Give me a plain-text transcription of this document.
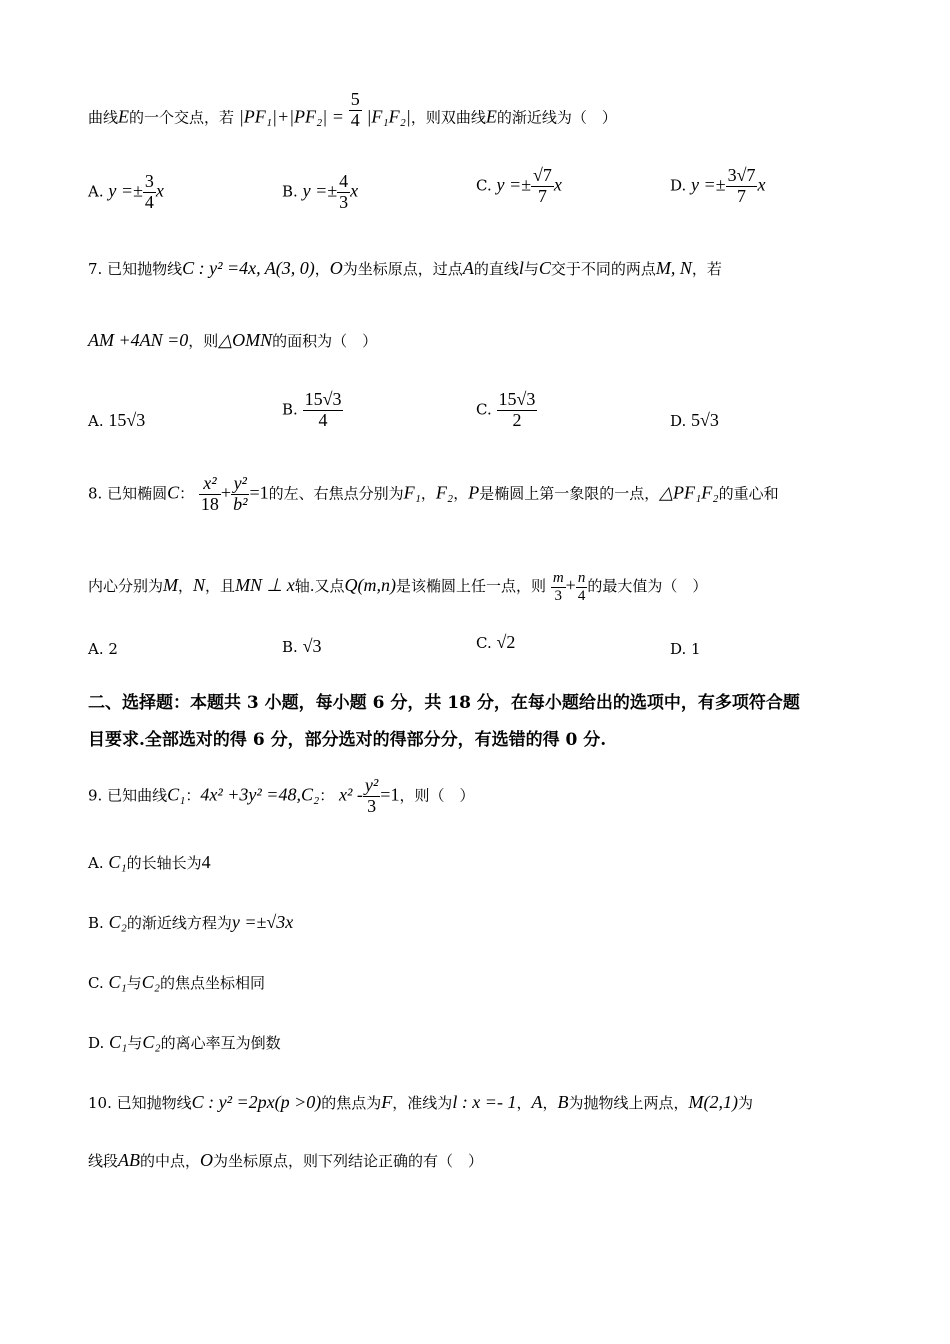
曲线E的一个交点，若 $|PF_1|+|PF_2| = \frac{5}{4} |F_1F_2|$，则双曲线E的渐近线为（　）
A. $y =\pm \frac{3}{4}$ x	B. $y =\pm \frac{4}{3}$ x	C. $y =\pm \frac{√7}{7}$ x	D. $y =\pm \frac{3√7}{7}$ x
7. 已知抛物线C : y² =4x, A(3, 0)，O为坐标原点，过点A的直线l与C交于不同的两点M, N，若
AM +4AN =0，则△OMN的面积为（　）
A. 15√3
B. $\frac{15√3}{4}$	C. $\frac{15√3}{2}$	D. 5√3
8. 已知椭圆C： $\frac{\text{x²}}{18} + \frac{\text{y²}}{\text{b²}} =1$的左、右焦点分别为F₁，F₂，P是椭圆上第一象限的一点，△PF₁F₂的重心和
内心分别为M，N，且MN ⊥ x轴.又点Q(m,n)是该椭圆上任一点，则 $\frac{m}{3} + \frac{n}{4}$ 的最大值为（　）
A. 2	B. √3	C. √2	D. 1
二、选择题：本题共 3 小题，每小题 6 分，共 18 分，在每小题给出的选项中，有多项符合题
目要求.全部选对的得 6 分，部分选对的得部分分，有选错的得 0 分.
9. 已知曲线C₁：4x² +3y² =48,C₂： $x^2 - \frac{\text{y²}}{3} =1$，则（　）
A. C₁的长轴长为4
B. C₂的渐近线方程为y =±√3x
C. C₁与C₂的焦点坐标相同
D. C₁与C₂的离心率互为倒数
10. 已知抛物线C : y² =2px(p >0)的焦点为F，准线为l : x =- 1，A，B为抛物线上两点，M(2,1)为
线段AB的中点，O为坐标原点，则下列结论正确的有（　）
